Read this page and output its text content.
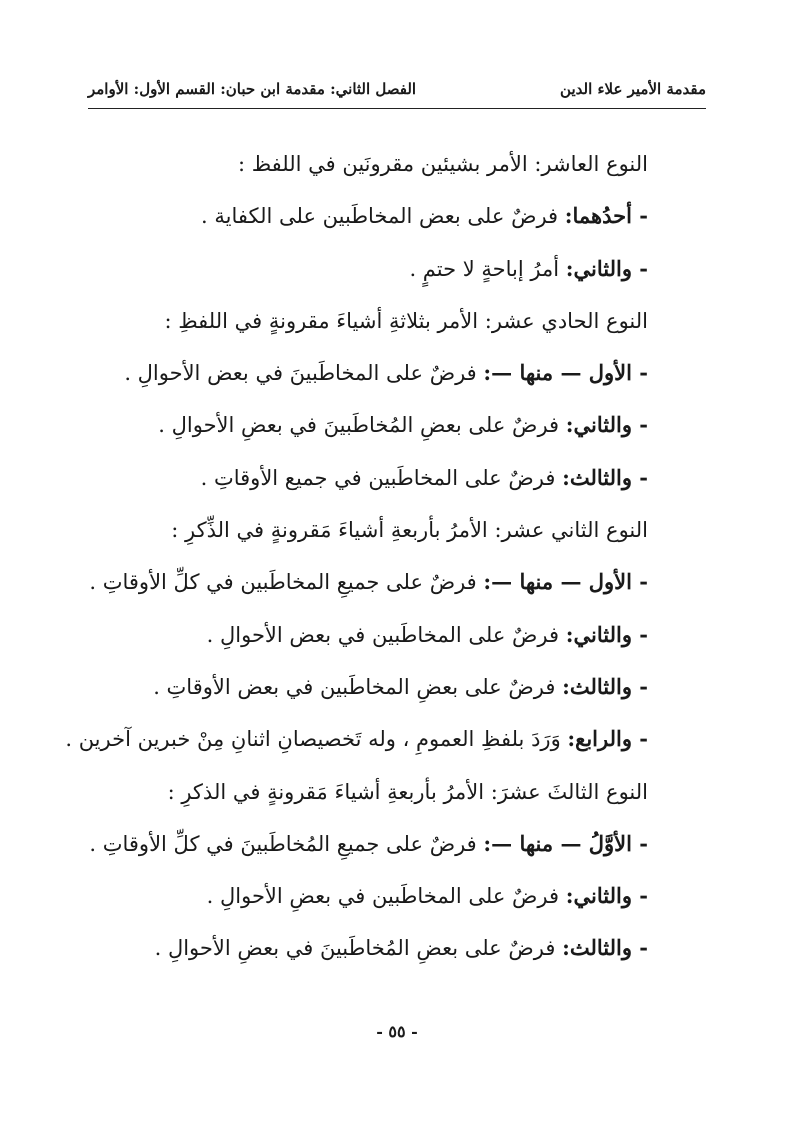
مقدمة الأمير علاء الدين
الفصل الثاني: مقدمة ابن حبان: القسم الأول: الأوامر
النوع العاشر: الأمر بشيئين مقرونَين في اللفظ :
- أحدُهما: فرضٌ على بعض المخاطَبين على الكفاية .
- والثاني: أمرُ إباحةٍ لا حتمٍ .
النوع الحادي عشر: الأمر بثلاثةِ أشياءَ مقرونةٍ في اللفظِ :
- الأول — منها —: فرضٌ على المخاطَبينَ في بعض الأحوالِ .
- والثاني: فرضٌ على بعضِ المُخاطَبينَ في بعضِ الأحوالِ .
- والثالث: فرضٌ على المخاطَبين في جميع الأوقاتِ .
النوع الثاني عشر: الأمرُ بأربعةِ أشياءَ مَقرونةٍ في الذِّكرِ :
- الأول — منها —: فرضٌ على جميعِ المخاطَبين في كلِّ الأوقاتِ .
- والثاني: فرضٌ على المخاطَبين في بعض الأحوالِ .
- والثالث: فرضٌ على بعضِ المخاطَبين في بعض الأوقاتِ .
- والرابع: وَرَدَ بلفظِ العمومِ ، وله تَخصيصانِ اثنانِ مِنْ خبرين آخرين .
النوع الثالثَ عشرَ: الأمرُ بأربعةِ أشياءَ مَقرونةٍ في الذكرِ :
- الأوَّلُ — منها —: فرضٌ على جميعِ المُخاطَبينَ في كلِّ الأوقاتِ .
- والثاني: فرضٌ على المخاطَبين في بعضِ الأحوالِ .
- والثالث: فرضٌ على بعضِ المُخاطَبينَ في بعضِ الأحوالِ .
- ٥٥ -
